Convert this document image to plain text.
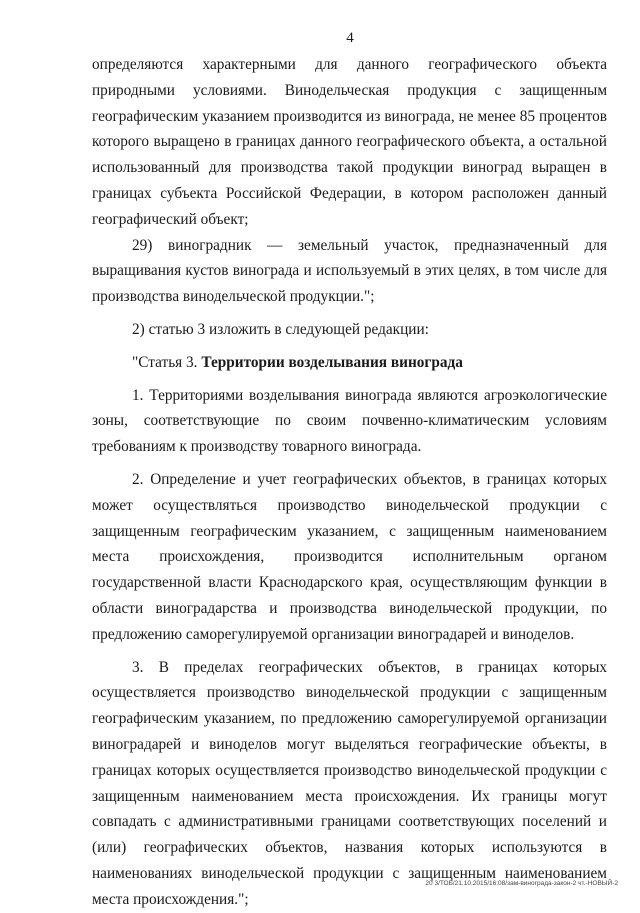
4

определяются характерными для данного географического объекта природными условиями. Винодельческая продукция с защищенным географическим указанием производится из винограда, не менее 85 процентов которого выращено в границах данного географического объекта, а остальной использованный для производства такой продукции виноград выращен в границах субъекта Российской Федерации, в котором расположен данный географический объект;

29) виноградник — земельный участок, предназначенный для выращивания кустов винограда и используемый в этих целях, в том числе для производства винодельческой продукции.";

2) статью 3 изложить в следующей редакции:

"Статья 3. Территории возделывания винограда

1. Территориями возделывания винограда являются агроэкологические зоны, соответствующие по своим почвенно-климатическим условиям требованиям к производству товарного винограда.

2. Определение и учет географических объектов, в границах которых может осуществляться производство винодельческой продукции с защищенным географическим указанием, с защищенным наименованием места происхождения, производится исполнительным органом государственной власти Краснодарского края, осуществляющим функции в области виноградарства и производства винодельческой продукции, по предложению саморегулируемой организации виноградарей и виноделов.

3. В пределах географических объектов, в границах которых осуществляется производство винодельческой продукции с защищенным географическим указанием, по предложению саморегулируемой организации виноградарей и виноделов могут выделяться географические объекты, в границах которых осуществляется производство винодельческой продукции с защищенным наименованием места происхождения. Их границы могут совпадать с административными границами соответствующих поселений и (или) географических объектов, названия которых используются в наименованиях винодельческой продукции с защищенным наименованием места происхождения.";

20 3/ТОБ/21.10.2015/16:08/зам-винограда-закон-2 чт.-НОВЫЙ-2
